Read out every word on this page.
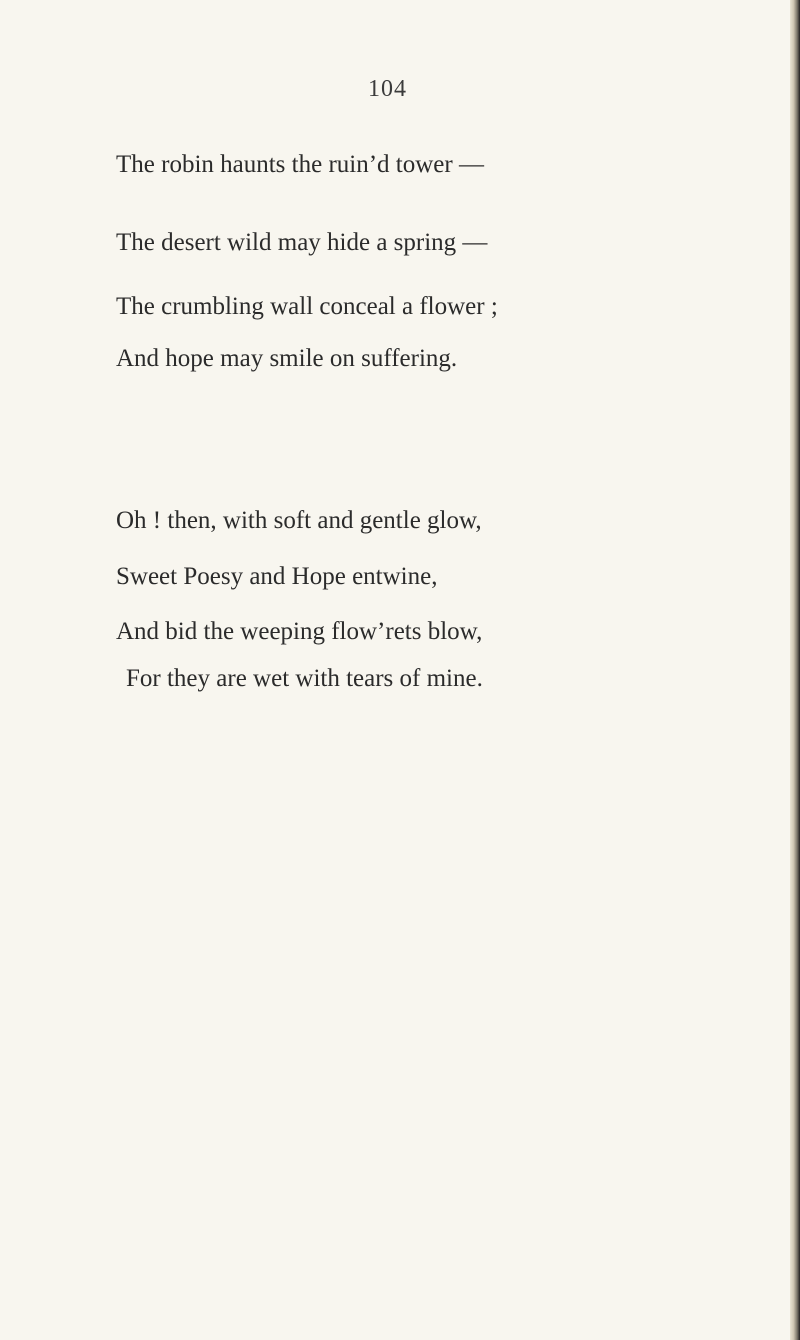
104
The robin haunts the ruin’d tower —
The desert wild may hide a spring —
The crumbling wall conceal a flower ;
And hope may smile on suffering.
Oh ! then, with soft and gentle glow,
Sweet Poesy and Hope entwine,
And bid the weeping flow’rets blow,
For they are wet with tears of mine.
